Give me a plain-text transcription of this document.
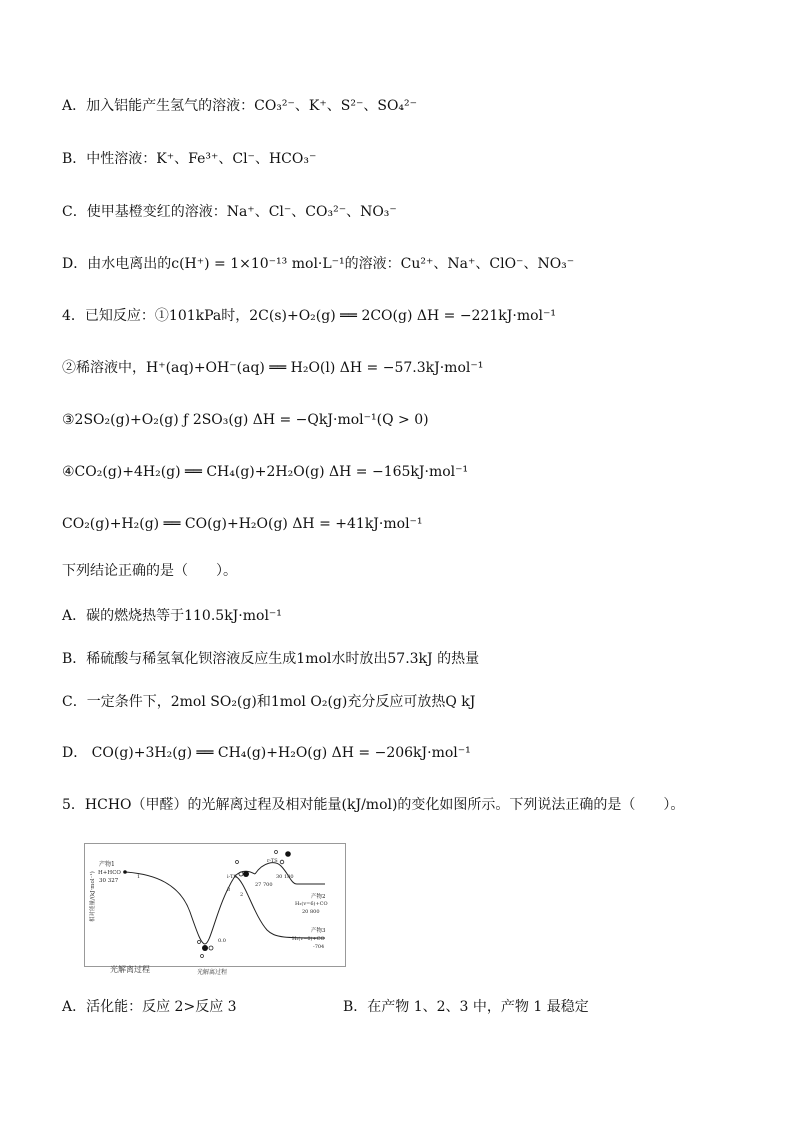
A．加入铝能产生氢气的溶液：CO₃²⁻、K⁺、S²⁻、SO₄²⁻
B．中性溶液：K⁺、Fe³⁺、Cl⁻、HCO₃⁻
C．使甲基橙变红的溶液：Na⁺、Cl⁻、CO₃²⁻、NO₃⁻
D．由水电离出的c(H⁺) = 1×10⁻¹³ mol·L⁻¹的溶液：Cu²⁺、Na⁺、ClO⁻、NO₃⁻
4．已知反应：①101kPa时，2C(s)+O₂(g) ══ 2CO(g) ΔH = −221kJ·mol⁻¹
②稀溶液中，H⁺(aq)+OH⁻(aq) ══ H₂O(l) ΔH = −57.3kJ·mol⁻¹
③2SO₂(g)+O₂(g) ƒ 2SO₃(g) ΔH = −QkJ·mol⁻¹(Q > 0)
④CO₂(g)+4H₂(g) ══ CH₄(g)+2H₂O(g) ΔH = −165kJ·mol⁻¹
CO₂(g)+H₂(g) ══ CO(g)+H₂O(g) ΔH = +41kJ·mol⁻¹
下列结论正确的是（　　）。
A．碳的燃烧热等于110.5kJ·mol⁻¹
B．稀硫酸与稀氢氧化钡溶液反应生成1mol水时放出57.3kJ 的热量
C．一定条件下，2mol SO₂(g)和1mol O₂(g)充分反应可放热Q kJ
D． CO(g)+3H₂(g) ══ CH₄(g)+H₂O(g) ΔH = −206kJ·mol⁻¹
5．HCHO（甲醛）的光解离过程及相对能量(kJ/mol)的变化如图所示。下列说法正确的是（　　）。
相对能量/(kJ·mol⁻¹)
产物1
H+HCO
30 327
1
0.0
i-TS
27 700
3
2
r-TS
30 180
产物2
H₂(v=6)+CO
20 800
产物3
H₂(v=0)+CO
-704
光解离过程
光解离过程
A．活化能：反应 2>反应 3	B．在产物 1、2、3 中，产物 1 最稳定
